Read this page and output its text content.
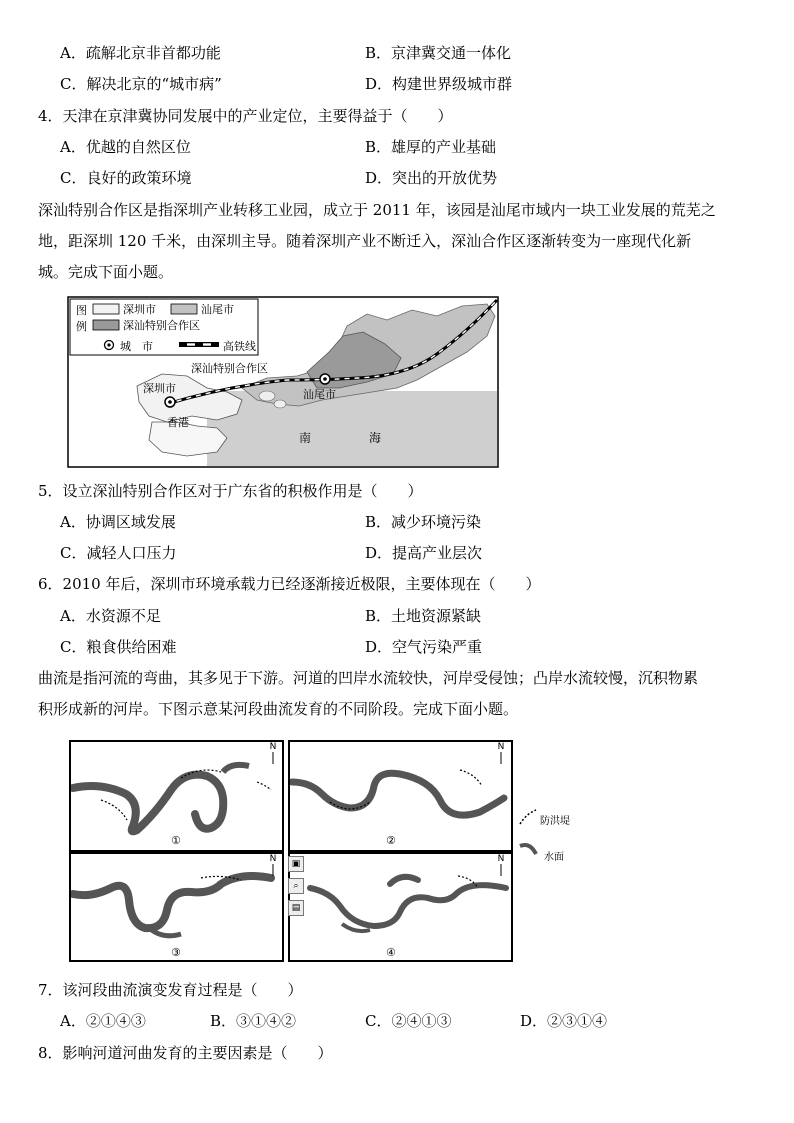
A．疏解北京非首都功能	B．京津冀交通一体化
C．解决北京的“城市病”	D．构建世界级城市群
4．天津在京津冀协同发展中的产业定位，主要得益于（　　）
A．优越的自然区位	B．雄厚的产业基础
C．良好的政策环境	D．突出的开放优势
深汕特别合作区是指深圳产业转移工业园，成立于 2011 年，该园是汕尾市域内一块工业发展的荒芜之
地，距深圳 120 千米，由深圳主导。随着深圳产业不断迁入，深汕合作区逐渐转变为一座现代化新
城。完成下面小题。
图
例
深圳市	汕尾市
深汕特别合作区
城　市	高铁线
深汕特别合作区
深圳市
香港
汕尾市
南	海
5．设立深汕特别合作区对于广东省的积极作用是（　　）
A．协调区域发展	B．减少环境污染
C．减轻人口压力	D．提高产业层次
6．2010 年后，深圳市环境承载力已经逐渐接近极限，主要体现在（　　）
A．水资源不足	B．土地资源紧缺
C．粮食供给困难	D．空气污染严重
曲流是指河流的弯曲，其多见于下游。河道的凹岸水流较快，河岸受侵蚀；凸岸水流较慢，沉积物累
积形成新的河岸。下图示意某河段曲流发育的不同阶段。完成下面小题。
N
①
N
②
N
③
N
④
▣
⌕
▤
防洪堤
水面
7．该河段曲流演变发育过程是（　　）
A．②①④③	B．③①④②	C．②④①③	D．②③①④
8．影响河道河曲发育的主要因素是（　　）
